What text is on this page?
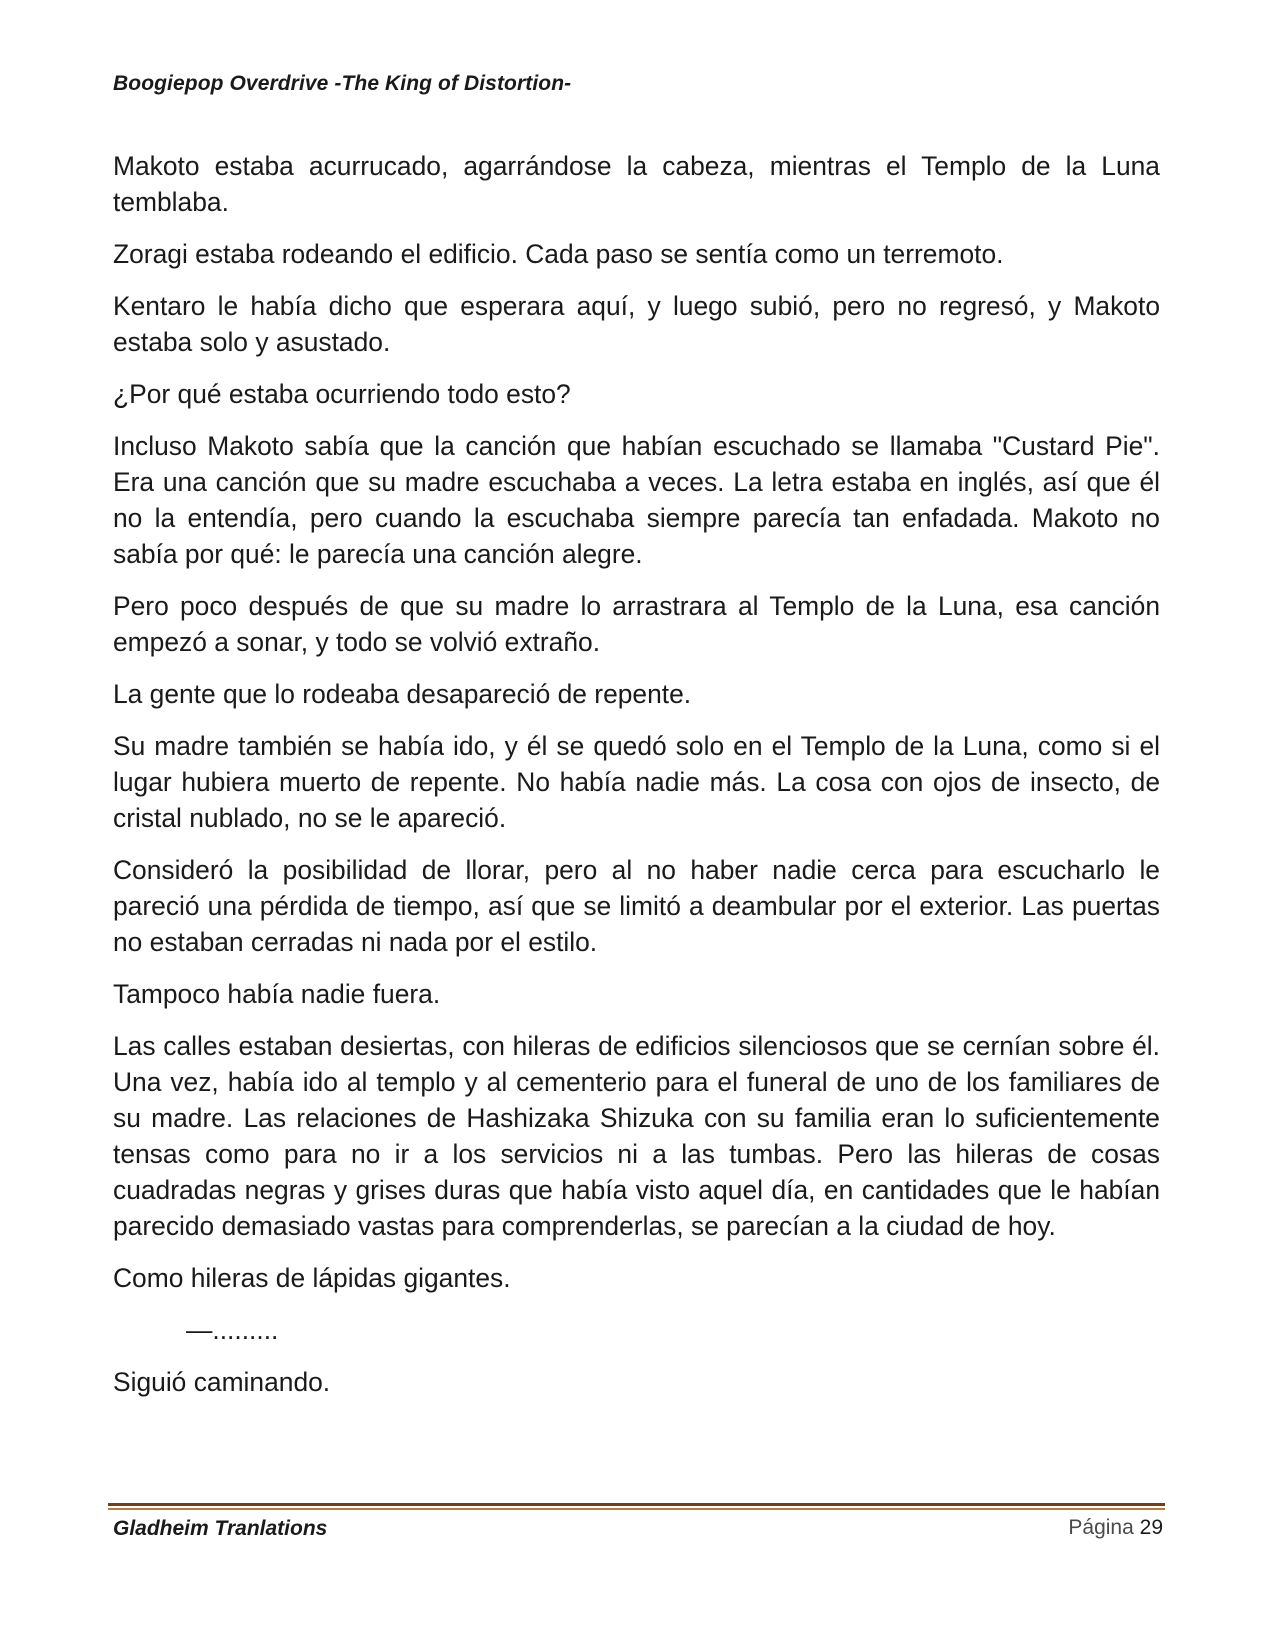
Boogiepop Overdrive -The King of Distortion-

Makoto estaba acurrucado, agarrándose la cabeza, mientras el Templo de la Luna temblaba.

Zoragi estaba rodeando el edificio. Cada paso se sentía como un terremoto.

Kentaro le había dicho que esperara aquí, y luego subió, pero no regresó, y Makoto estaba solo y asustado.

¿Por qué estaba ocurriendo todo esto?

Incluso Makoto sabía que la canción que habían escuchado se llamaba "Custard Pie". Era una canción que su madre escuchaba a veces. La letra estaba en inglés, así que él no la entendía, pero cuando la escuchaba siempre parecía tan enfadada. Makoto no sabía por qué: le parecía una canción alegre.

Pero poco después de que su madre lo arrastrara al Templo de la Luna, esa canción empezó a sonar, y todo se volvió extraño.

La gente que lo rodeaba desapareció de repente.

Su madre también se había ido, y él se quedó solo en el Templo de la Luna, como si el lugar hubiera muerto de repente. No había nadie más. La cosa con ojos de insecto, de cristal nublado, no se le apareció.

Consideró la posibilidad de llorar, pero al no haber nadie cerca para escucharlo le pareció una pérdida de tiempo, así que se limitó a deambular por el exterior. Las puertas no estaban cerradas ni nada por el estilo.

Tampoco había nadie fuera.

Las calles estaban desiertas, con hileras de edificios silenciosos que se cernían sobre él. Una vez, había ido al templo y al cementerio para el funeral de uno de los familiares de su madre. Las relaciones de Hashizaka Shizuka con su familia eran lo suficientemente tensas como para no ir a los servicios ni a las tumbas. Pero las hileras de cosas cuadradas negras y grises duras que había visto aquel día, en cantidades que le habían parecido demasiado vastas para comprenderlas, se parecían a la ciudad de hoy.

Como hileras de lápidas gigantes.

—.........

Siguió caminando.

Gladheim Tranlations	Página 29
